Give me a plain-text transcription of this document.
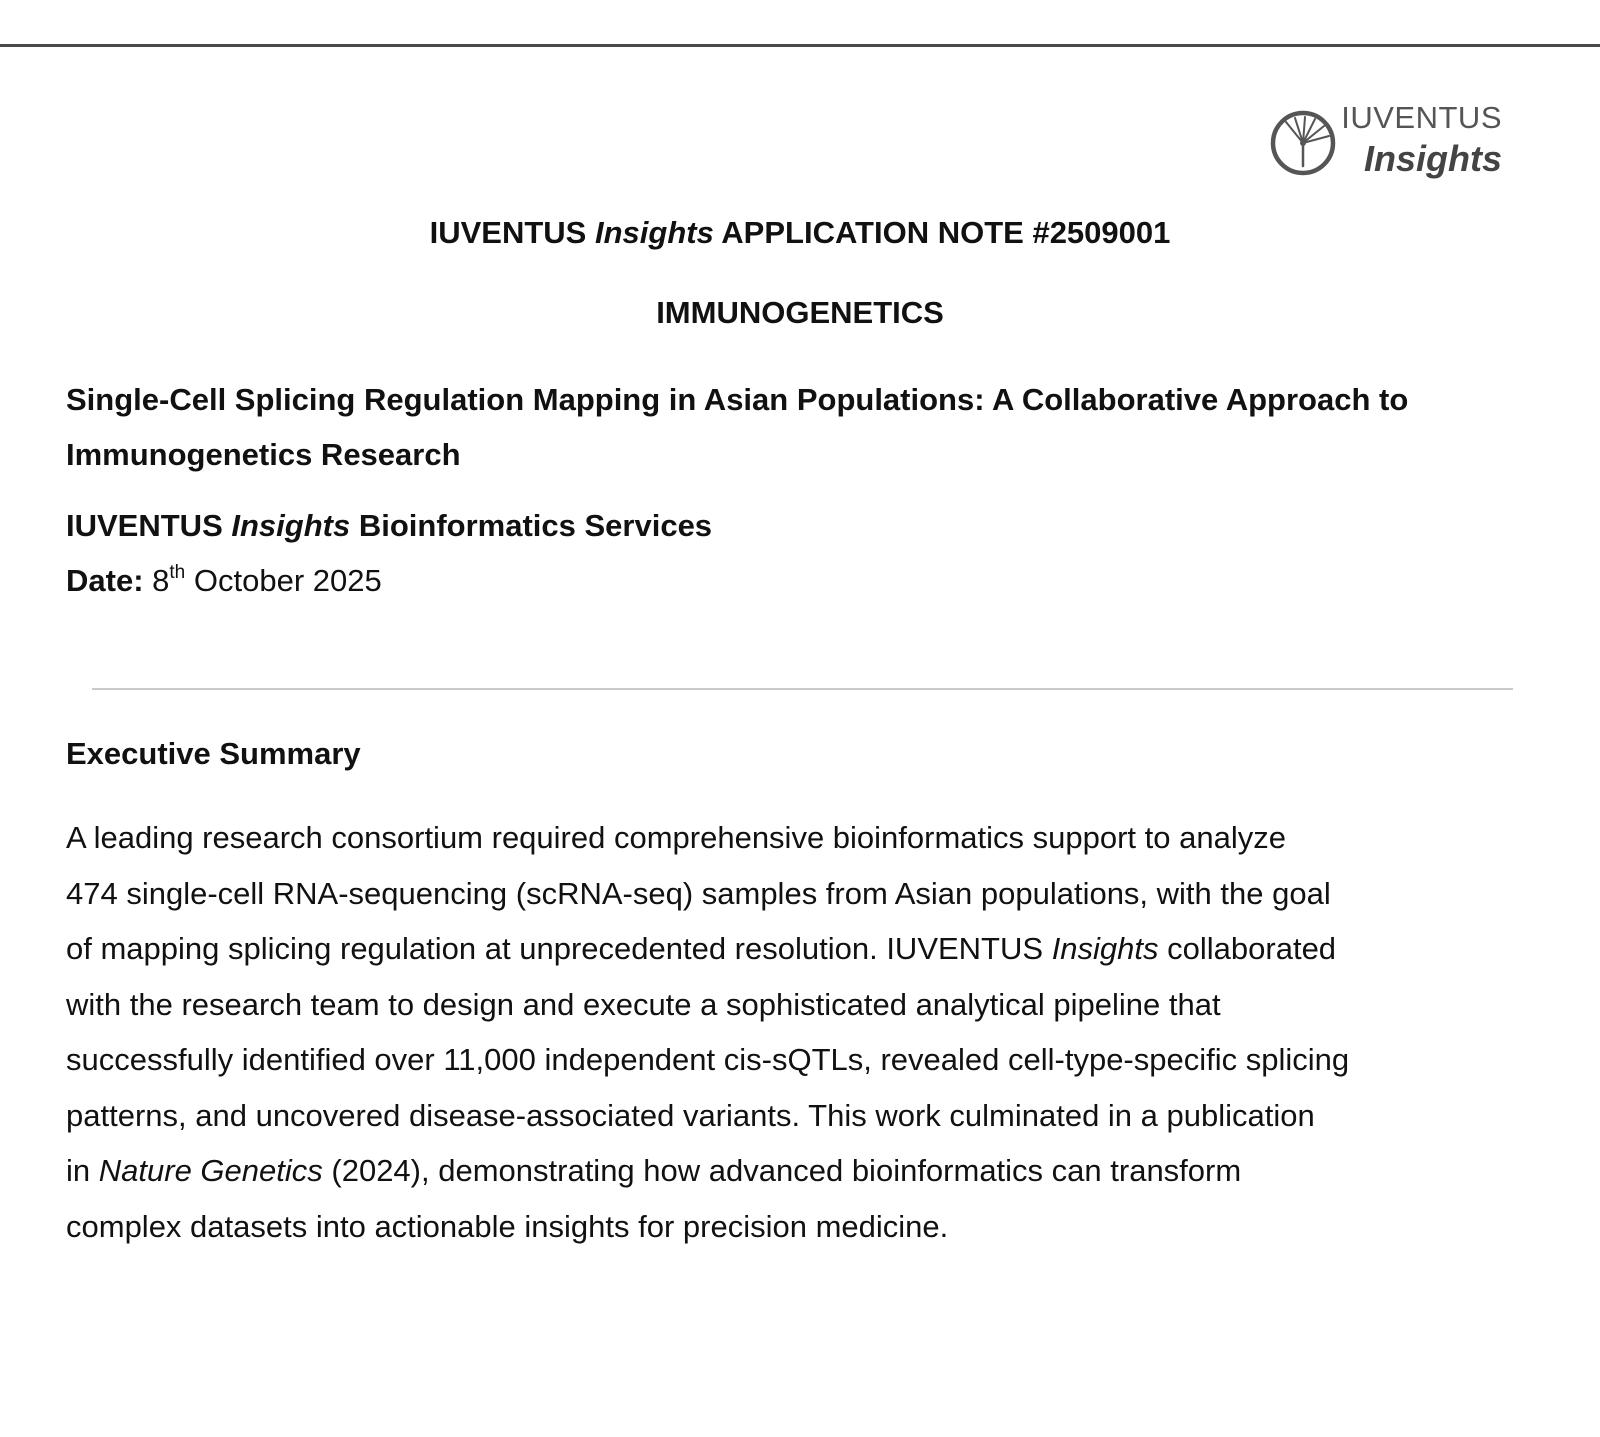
IUVENTUS
Insights
IUVENTUS Insights APPLICATION NOTE #2509001
IMMUNOGENETICS
Single-Cell Splicing Regulation Mapping in Asian Populations: A Collaborative Approach to
Immunogenetics Research
IUVENTUS Insights Bioinformatics Services
Date: 8th October 2025
Executive Summary
A leading research consortium required comprehensive bioinformatics support to analyze
474 single-cell RNA-sequencing (scRNA-seq) samples from Asian populations, with the goal
of mapping splicing regulation at unprecedented resolution. IUVENTUS Insights collaborated
with the research team to design and execute a sophisticated analytical pipeline that
successfully identified over 11,000 independent cis-sQTLs, revealed cell-type-specific splicing
patterns, and uncovered disease-associated variants. This work culminated in a publication
in Nature Genetics (2024), demonstrating how advanced bioinformatics can transform
complex datasets into actionable insights for precision medicine.
